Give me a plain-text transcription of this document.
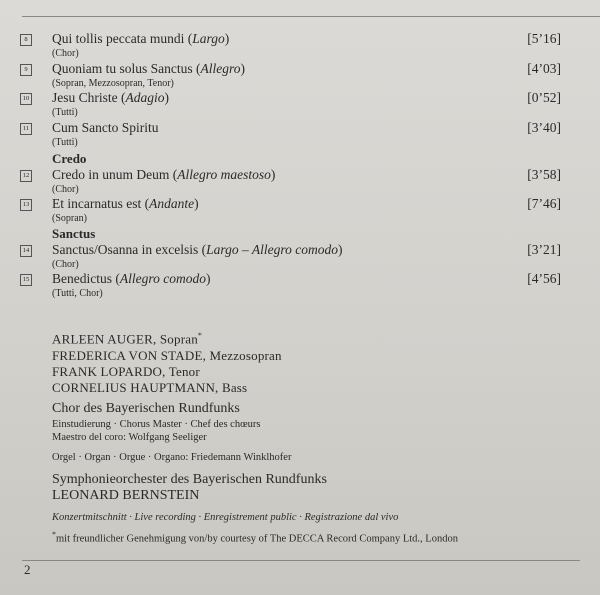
8	Qui tollis peccata mundi (Largo)
(Chor)
[5’16]
9	Quoniam tu solus Sanctus (Allegro)
(Sopran, Mezzosopran, Tenor)
[4’03]
10 Jesu Christe (Adagio)
(Tutti)
[0’52]
11 Cum Sancto Spiritu
(Tutti)
[3’40]
Credo
12 Credo in unum Deum (Allegro maestoso)
(Chor)
[3’58]
13 Et incarnatus est (Andante)
(Sopran)
[7’46]
Sanctus
14 Sanctus/Osanna in excelsis (Largo – Allegro comodo)
(Chor)
[3’21]
15 Benedictus (Allegro comodo)
(Tutti, Chor)
[4’56]
ARLEEN AUGER, Sopran*
FREDERICA VON STADE, Mezzosopran
FRANK LOPARDO, Tenor
CORNELIUS HAUPTMANN, Bass
Chor des Bayerischen Rundfunks
Einstudierung · Chorus Master · Chef des chœurs
Maestro del coro: Wolfgang Seeliger
Orgel · Organ · Orgue · Organo: Friedemann Winklhofer
Symphonieorchester des Bayerischen Rundfunks
LEONARD BERNSTEIN
Konzertmitschnitt · Live recording · Enregistrement public · Registrazione dal vivo
*mit freundlicher Genehmigung von/by courtesy of The DECCA Record Company Ltd., London
2
